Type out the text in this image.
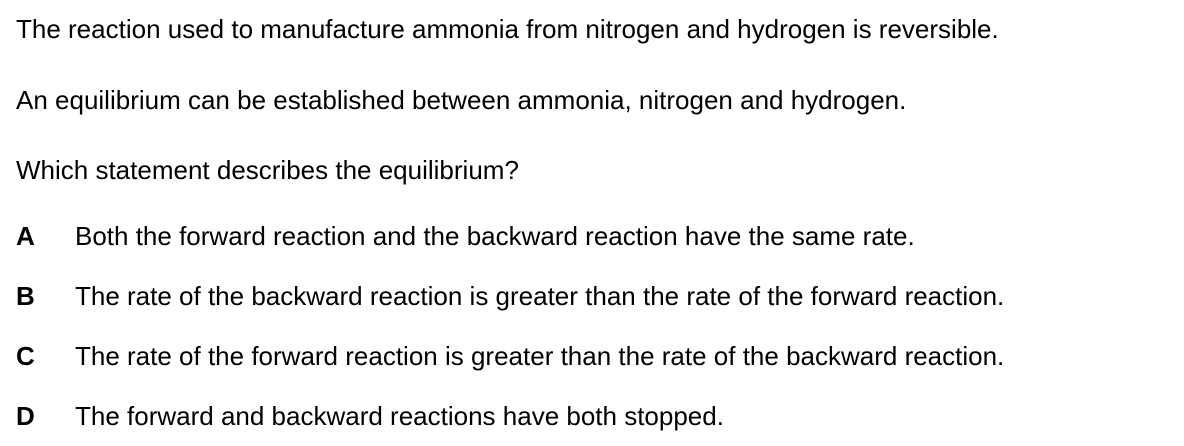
The reaction used to manufacture ammonia from nitrogen and hydrogen is reversible.
An equilibrium can be established between ammonia, nitrogen and hydrogen.
Which statement describes the equilibrium?
A Both the forward reaction and the backward reaction have the same rate.
B The rate of the backward reaction is greater than the rate of the forward reaction.
C The rate of the forward reaction is greater than the rate of the backward reaction.
D The forward and backward reactions have both stopped.
